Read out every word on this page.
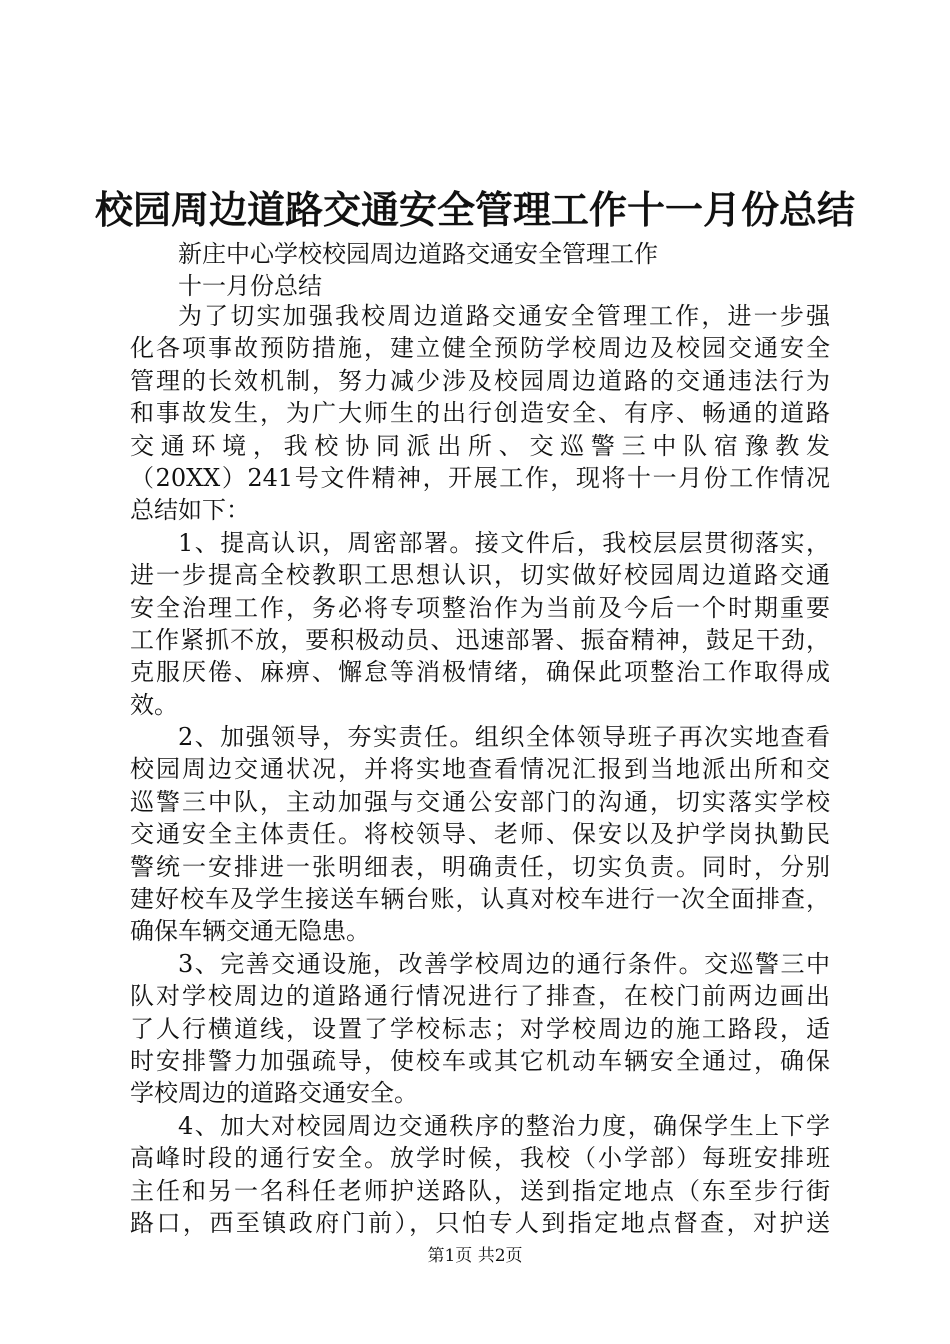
校园周边道路交通安全管理工作十一月份总结
新庄中心学校校园周边道路交通安全管理工作
十一月份总结
为了切实加强我校周边道路交通安全管理工作，进一步强
化各项事故预防措施，建立健全预防学校周边及校园交通安全
管理的长效机制，努力减少涉及校园周边道路的交通违法行为
和事故发生，为广大师生的出行创造安全、有序、畅通的道路
交通环境，我校协同派出所、交巡警三中队宿豫教发
（20XX）241号文件精神，开展工作，现将十一月份工作情况
总结如下：
1、提高认识，周密部署。接文件后，我校层层贯彻落实，
进一步提高全校教职工思想认识，切实做好校园周边道路交通
安全治理工作，务必将专项整治作为当前及今后一个时期重要
工作紧抓不放，要积极动员、迅速部署、振奋精神，鼓足干劲，
克服厌倦、麻痹、懈怠等消极情绪，确保此项整治工作取得成
效。
2、加强领导，夯实责任。组织全体领导班子再次实地查看
校园周边交通状况，并将实地查看情况汇报到当地派出所和交
巡警三中队，主动加强与交通公安部门的沟通，切实落实学校
交通安全主体责任。将校领导、老师、保安以及护学岗执勤民
警统一安排进一张明细表，明确责任，切实负责。同时，分别
建好校车及学生接送车辆台账，认真对校车进行一次全面排查，
确保车辆交通无隐患。
3、完善交通设施，改善学校周边的通行条件。交巡警三中
队对学校周边的道路通行情况进行了排查，在校门前两边画出
了人行横道线，设置了学校标志；对学校周边的施工路段，适
时安排警力加强疏导，使校车或其它机动车辆安全通过，确保
学校周边的道路交通安全。
4、加大对校园周边交通秩序的整治力度，确保学生上下学
高峰时段的通行安全。放学时候，我校（小学部）每班安排班
主任和另一名科任老师护送路队，送到指定地点（东至步行街
路口，西至镇政府门前），只怕专人到指定地点督查，对护送
第1页 共2页
